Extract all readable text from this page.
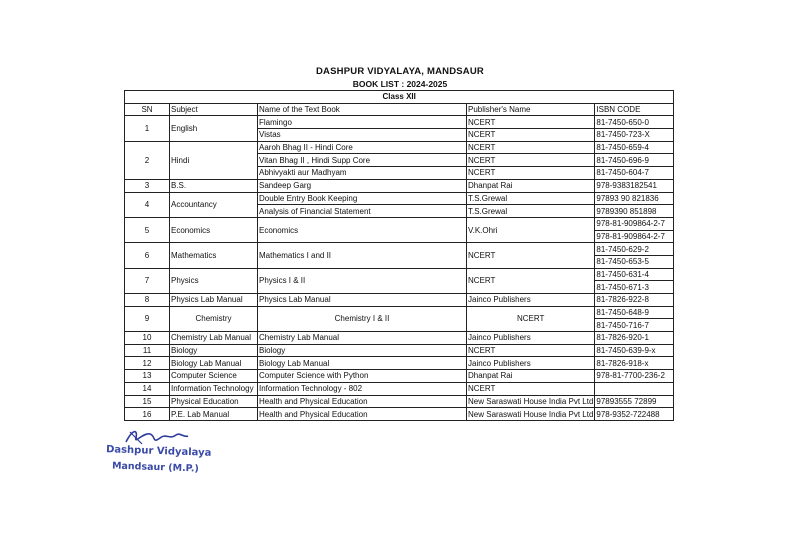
DASHPUR VIDYALAYA, MANDSAUR
BOOK LIST : 2024-2025
Class XII				
SN	Subject	Name of the Text Book	Publisher's Name	ISBN CODE
1	English	Flamingo	NCERT	81-7450-650-0
		Vistas	NCERT	81-7450-723-X
2	Hindi	Aaroh Bhag II - Hindi Core	NCERT	81-7450-659-4
		Vitan Bhag II , Hindi Supp Core	NCERT	81-7450-696-9
		Abhivyakti aur Madhyam	NCERT	81-7450-604-7
3	B.S.	Sandeep Garg	Dhanpat Rai	978-9383182541
4	Accountancy	Double Entry Book Keeping	T.S.Grewal	97893 90 821836
		Analysis of Financial Statement	T.S.Grewal	9789390 851898
5	Economics	Economics	V.K.Ohri	978-81-909864-2-7
				978-81-909864-2-7
6	Mathematics	Mathematics I and II	NCERT	81-7450-629-2
				81-7450-653-5
7	Physics	Physics I & II	NCERT	81-7450-631-4
				81-7450-671-3
8	Physics Lab Manual	Physics Lab Manual	Jainco Publishers	81-7826-922-8
9	Chemistry	Chemistry I & II	NCERT	81-7450-648-9
				81-7450-716-7
10	Chemistry Lab Manual	Chemistry Lab Manual	Jainco Publishers	81-7826-920-1
11	Biology	Biology	NCERT	81-7450-639-9-x
12	Biology Lab Manual	Biology Lab Manual	Jainco Publishers	81-7826-918-x
13	Computer Science	Computer Science with Python	Dhanpat Rai	978-81-7700-236-2
14	Information Technology	Information Technology - 802	NCERT	
15	Physical Education	Health and Physical Education	New Saraswati House India Pvt Ltd	97893555 72899
16	P.E. Lab Manual	Health and Physical Education	New Saraswati House India Pvt Ltd	978-9352-722488
Dashpur Vidyalaya
Mandsaur (M.P.)
